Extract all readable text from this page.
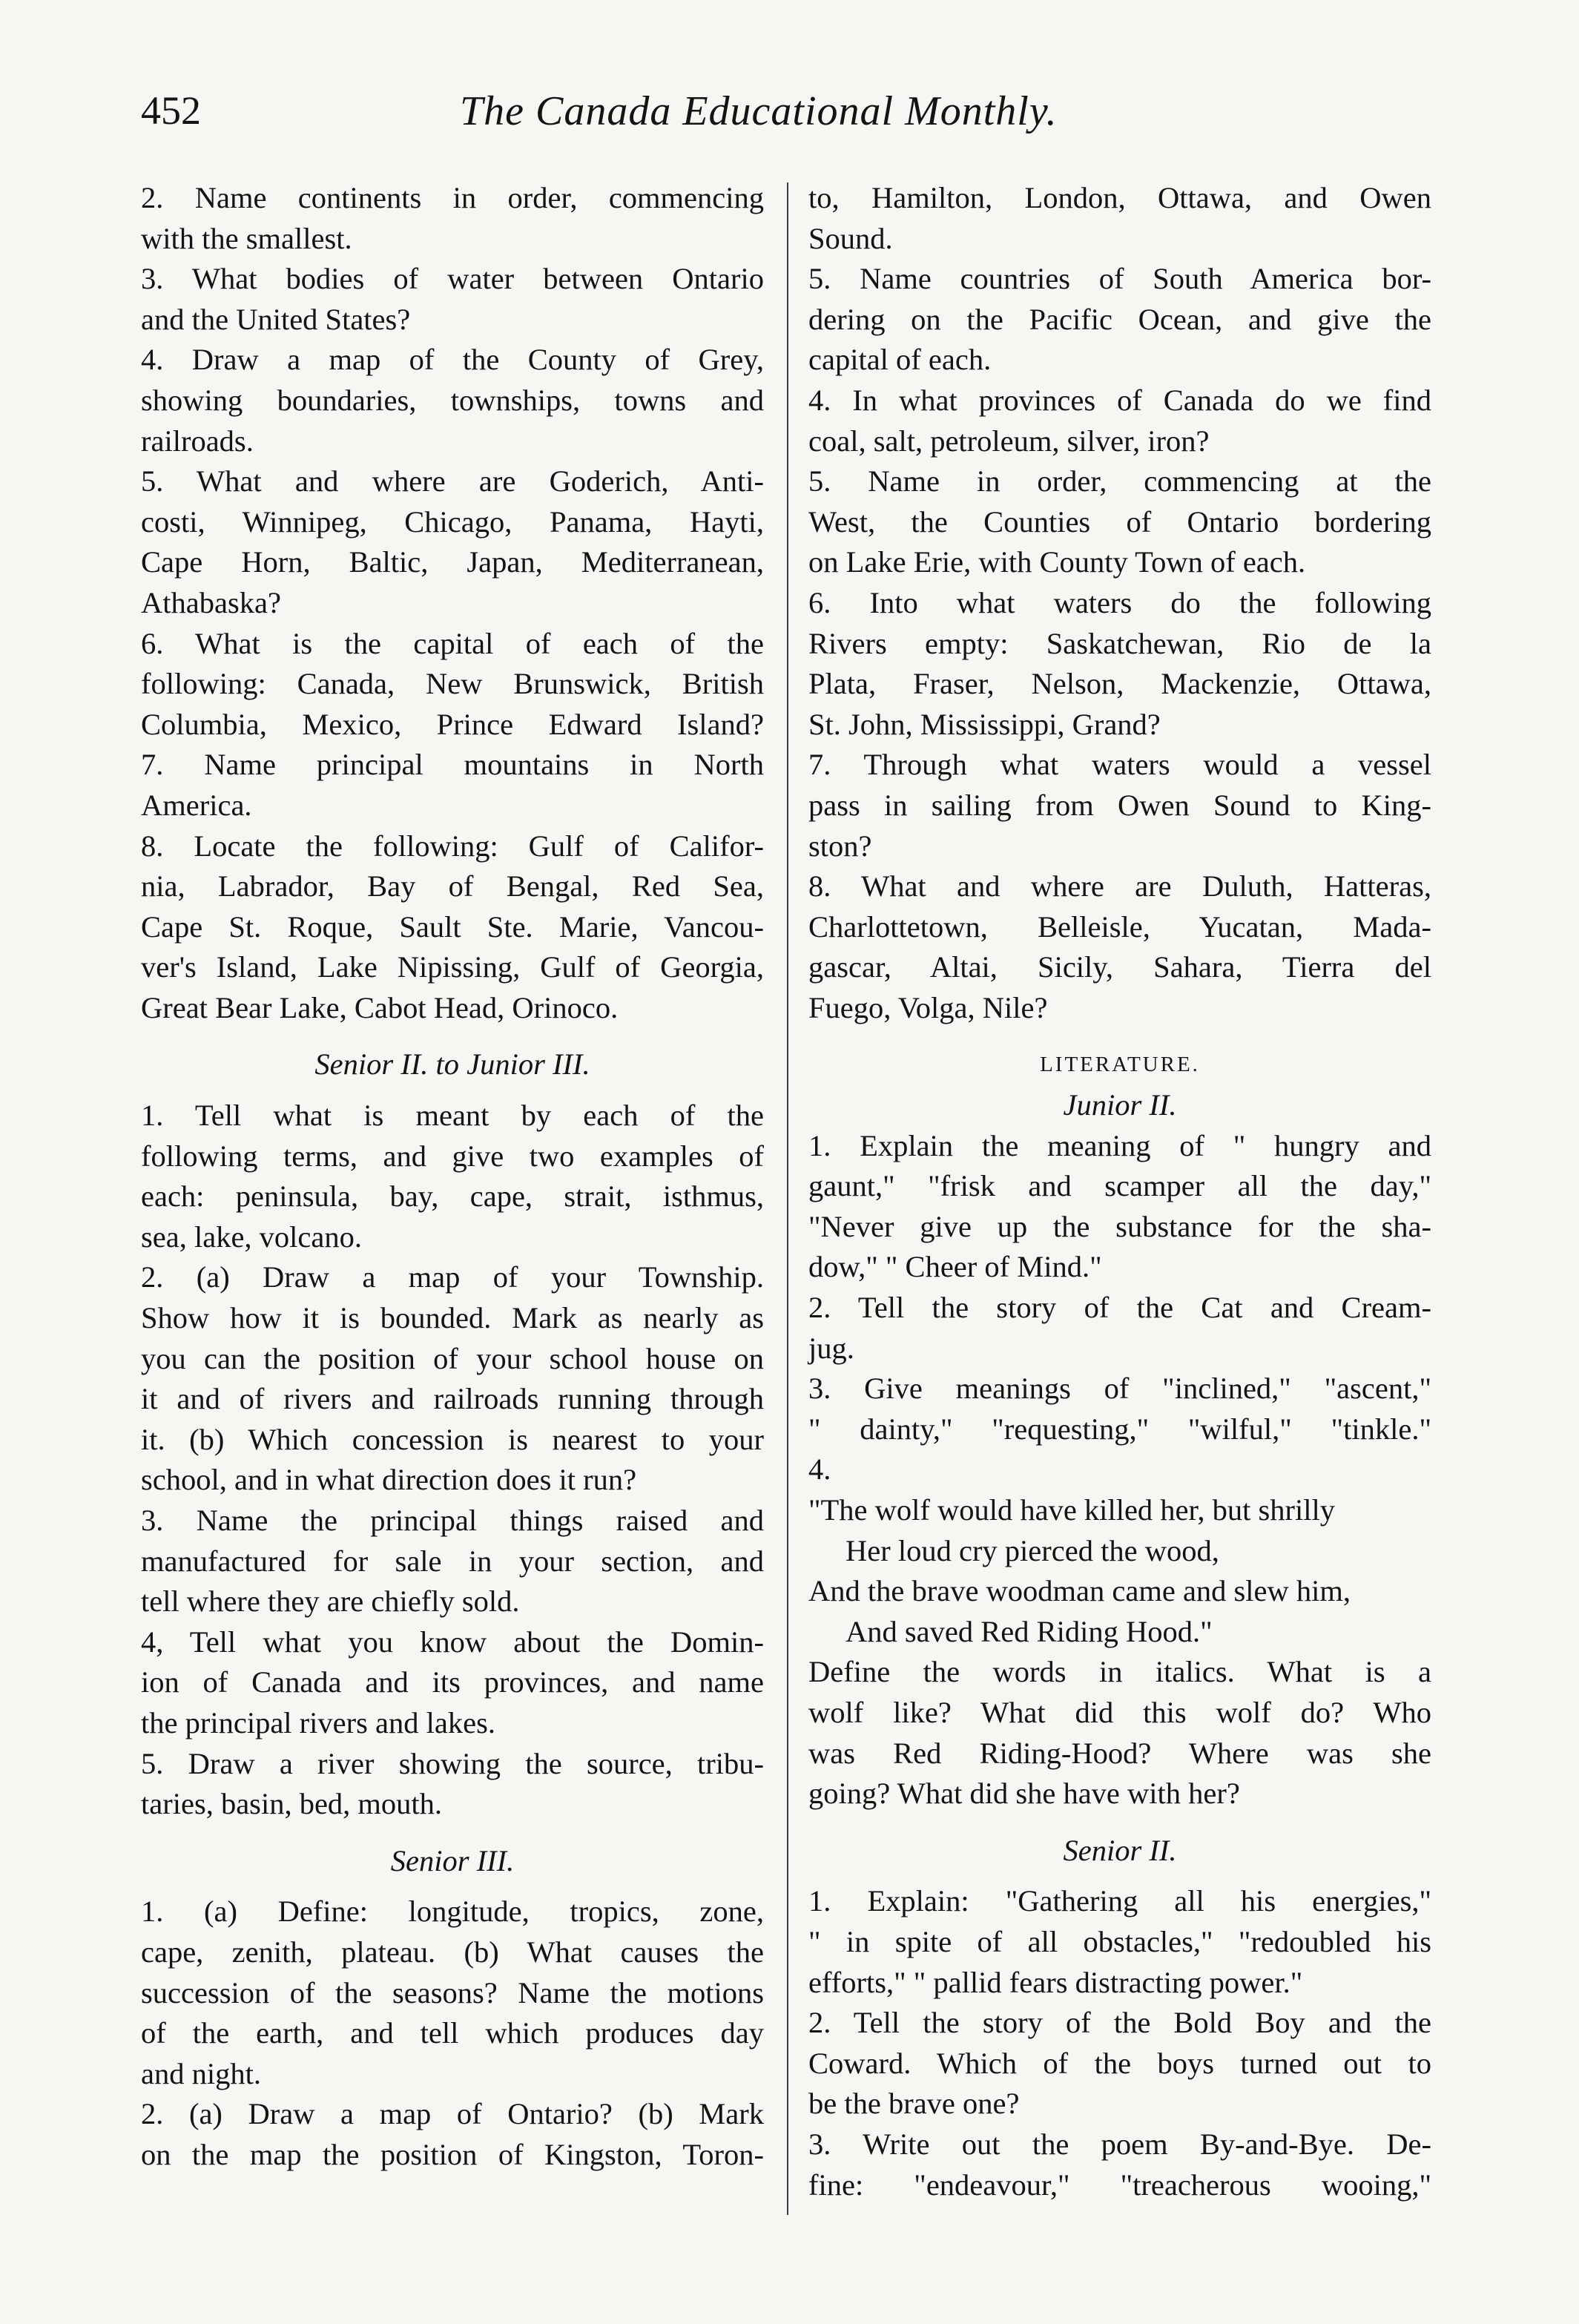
452	The Canada Educational Monthly.
2. Name continents in order, commencing
with the smallest.
3. What bodies of water between Ontario
and the United States?
4. Draw a map of the County of Grey,
showing boundaries, townships, towns and
railroads.
5. What and where are Goderich, Anti-
costi, Winnipeg, Chicago, Panama, Hayti,
Cape Horn, Baltic, Japan, Mediterranean,
Athabaska?
6. What is the capital of each of the
following: Canada, New Brunswick, British
Columbia, Mexico, Prince Edward Island?
7. Name principal mountains in North
America.
8. Locate the following: Gulf of Califor-
nia, Labrador, Bay of Bengal, Red Sea,
Cape St. Roque, Sault Ste. Marie, Vancou-
ver's Island, Lake Nipissing, Gulf of Georgia,
Great Bear Lake, Cabot Head, Orinoco.
Senior II. to Junior III.
1. Tell what is meant by each of the
following terms, and give two examples of
each: peninsula, bay, cape, strait, isthmus,
sea, lake, volcano.
2. (a) Draw a map of your Township.
Show how it is bounded. Mark as nearly as
you can the position of your school house on
it and of rivers and railroads running through
it. (b) Which concession is nearest to your
school, and in what direction does it run?
3. Name the principal things raised and
manufactured for sale in your section, and
tell where they are chiefly sold.
4, Tell what you know about the Domin-
ion of Canada and its provinces, and name
the principal rivers and lakes.
5. Draw a river showing the source, tribu-
taries, basin, bed, mouth.
Senior III.
1. (a) Define: longitude, tropics, zone,
cape, zenith, plateau. (b) What causes the
succession of the seasons? Name the motions
of the earth, and tell which produces day
and night.
2. (a) Draw a map of Ontario? (b) Mark
on the map the position of Kingston, Toron-
to, Hamilton, London, Ottawa, and Owen
Sound.
5. Name countries of South America bor-
dering on the Pacific Ocean, and give the
capital of each.
4. In what provinces of Canada do we find
coal, salt, petroleum, silver, iron?
5. Name in order, commencing at the
West, the Counties of Ontario bordering
on Lake Erie, with County Town of each.
6. Into what waters do the following
Rivers empty: Saskatchewan, Rio de la
Plata, Fraser, Nelson, Mackenzie, Ottawa,
St. John, Mississippi, Grand?
7. Through what waters would a vessel
pass in sailing from Owen Sound to King-
ston?
8. What and where are Duluth, Hatteras,
Charlottetown, Belleisle, Yucatan, Mada-
gascar, Altai, Sicily, Sahara, Tierra del
Fuego, Volga, Nile?
LITERATURE.
Junior II.
1. Explain the meaning of " hungry and
gaunt," "frisk and scamper all the day,"
"Never give up the substance for the sha-
dow," " Cheer of Mind."
2. Tell the story of the Cat and Cream-
jug.
3. Give meanings of "inclined," "ascent,"
" dainty," "requesting," "wilful," "tinkle."
4.
"The wolf would have killed her, but shrilly
Her loud cry pierced the wood,
And the brave woodman came and slew him,
And saved Red Riding Hood."
Define the words in italics. What is a
wolf like? What did this wolf do? Who
was Red Riding-Hood? Where was she
going? What did she have with her?
Senior II.
1. Explain: "Gathering all his energies,"
" in spite of all obstacles," "redoubled his
efforts," " pallid fears distracting power."
2. Tell the story of the Bold Boy and the
Coward. Which of the boys turned out to
be the brave one?
3. Write out the poem By-and-Bye. De-
fine: "endeavour," "treacherous wooing,"
